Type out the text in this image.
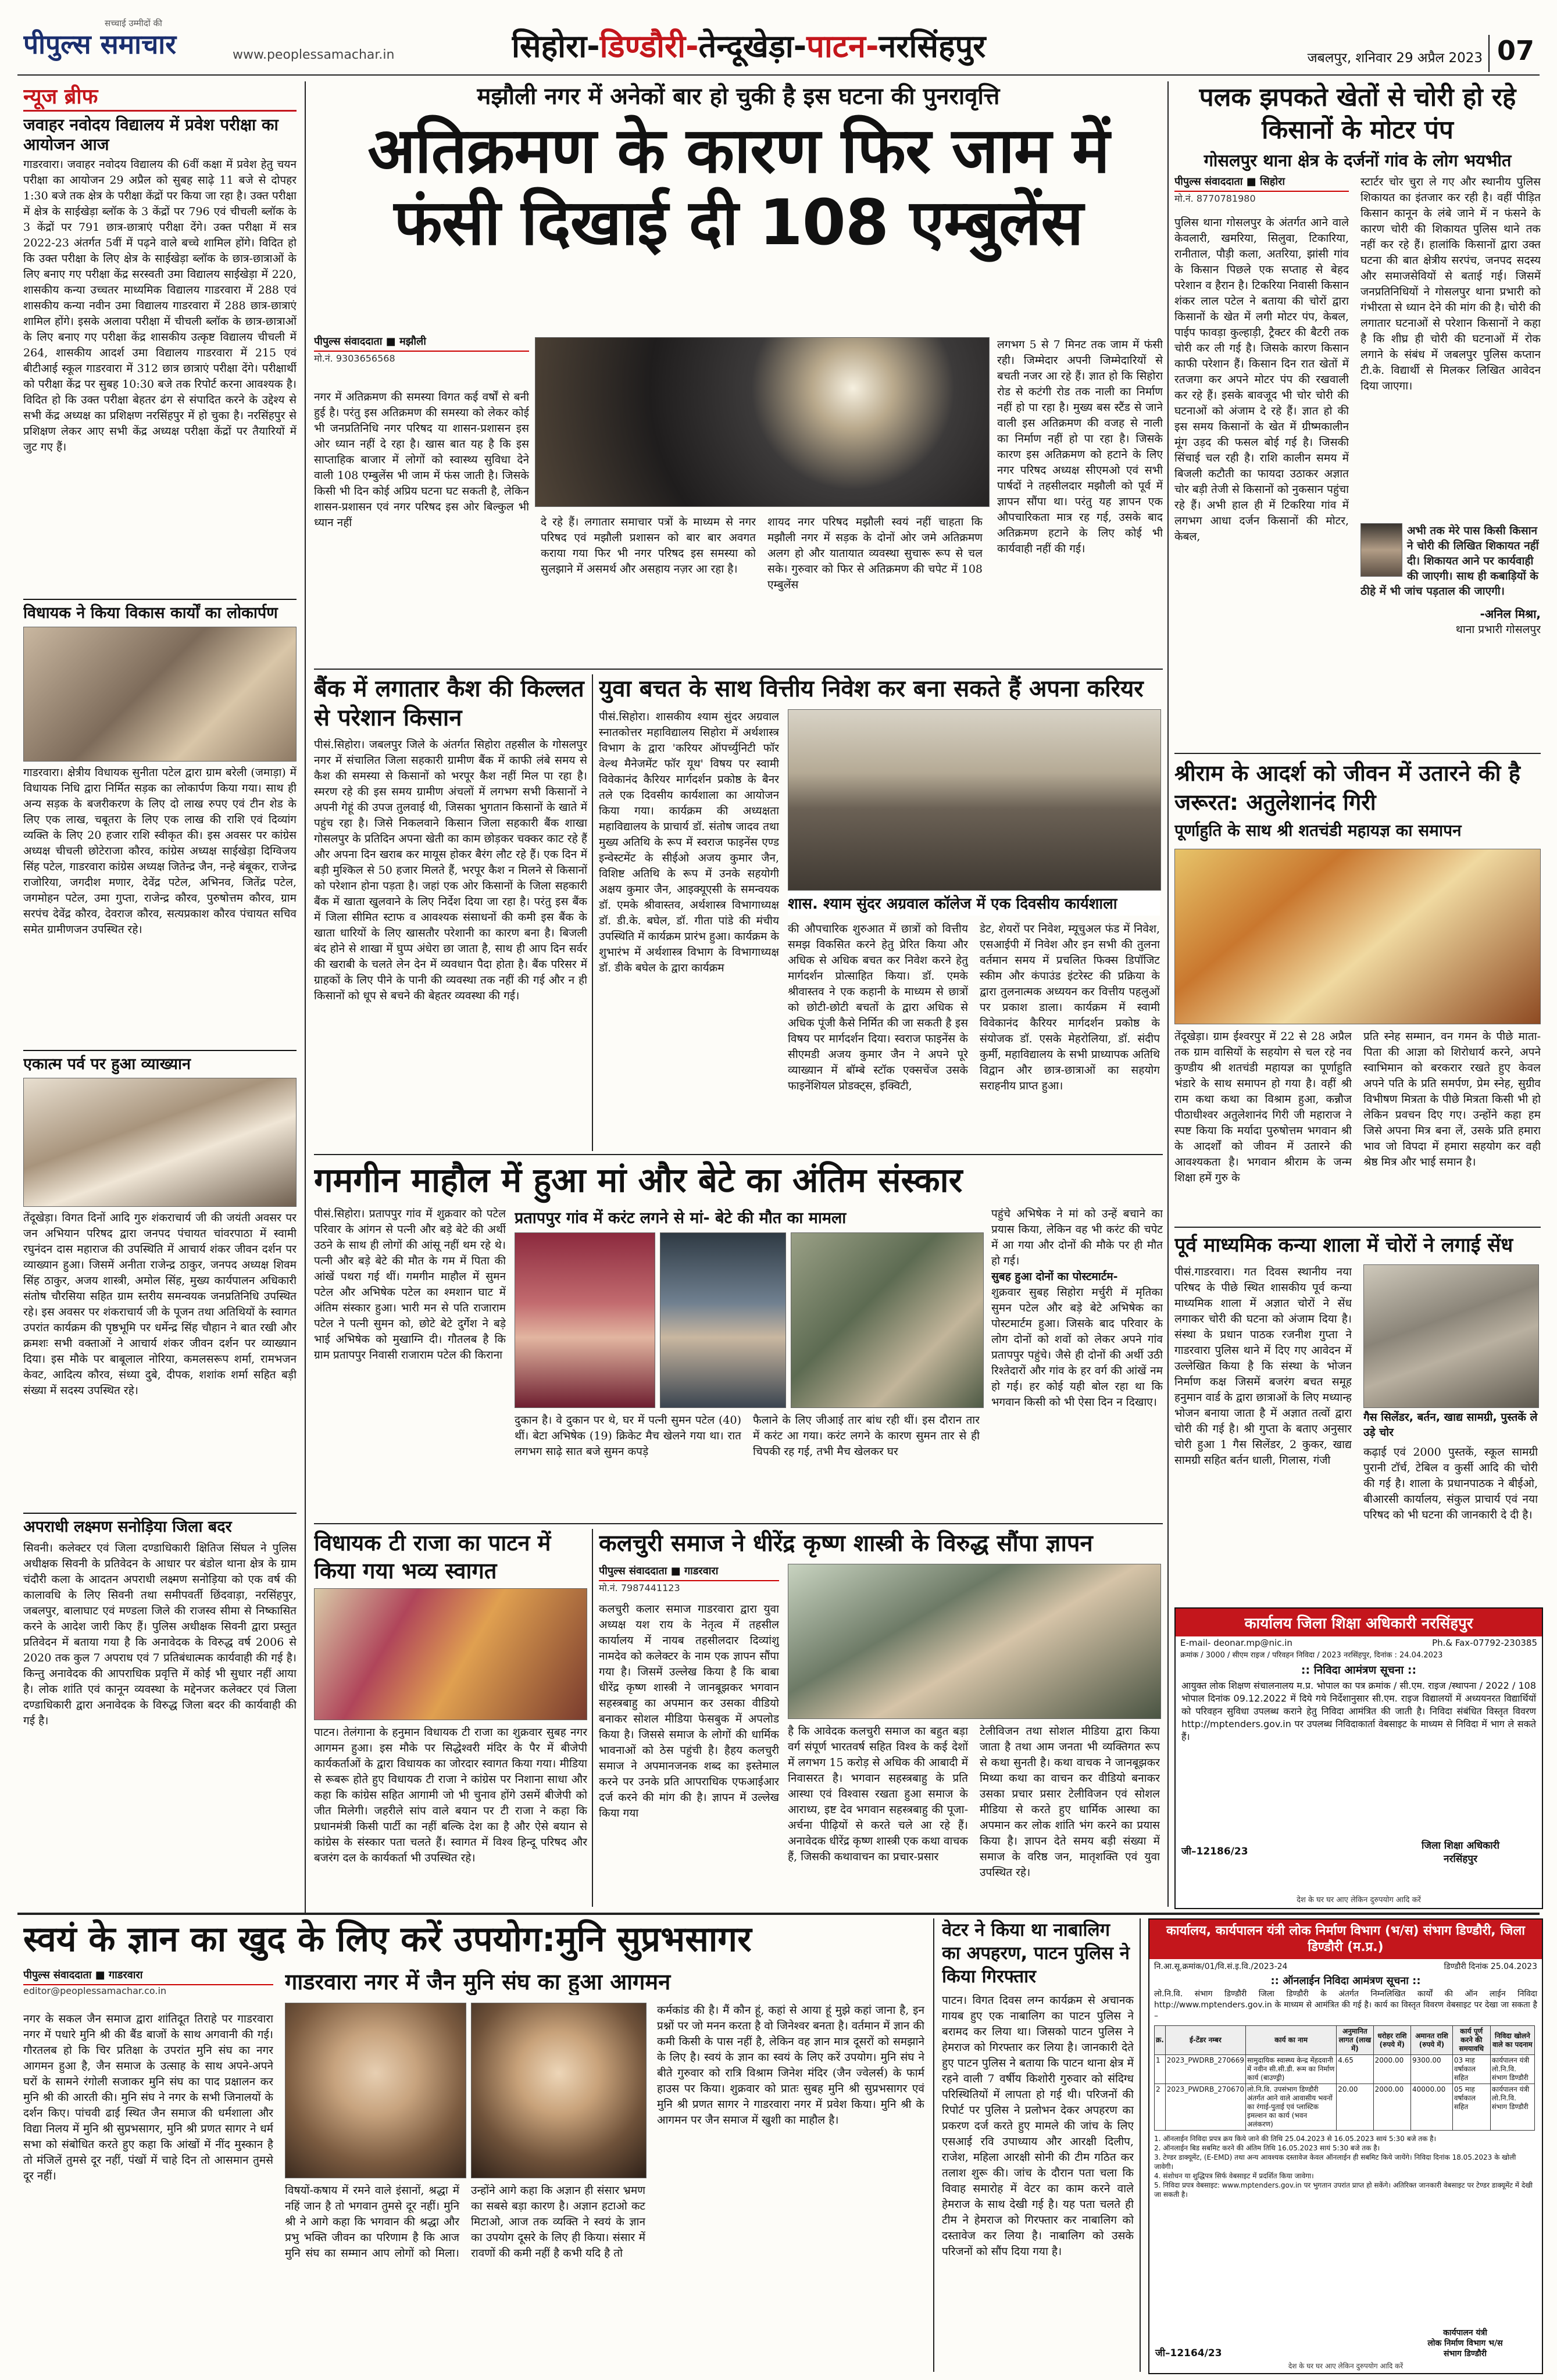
सच्चाई उम्मीदों की
पीपुल्स समाचार	www.peoplessamachar.in	सिहोरा-डिण्डौरी-तेन्दूखेड़ा-पाटन-नरसिंहपुर	जबलपुर, शनिवार 29 अप्रैल 2023 07
न्यूज ब्रीफ
जवाहर नवोदय विद्यालय में प्रवेश परीक्षा का आयोजन आज
गाडरवारा। जवाहर नवोदय विद्यालय की 6वीं कक्षा में प्रवेश हेतु चयन परीक्षा का आयोजन 29 अप्रैल को सुबह साढ़े 11 बजे से दोपहर 1:30 बजे तक क्षेत्र के परीक्षा केंद्रों पर किया जा रहा है। उक्त परीक्षा में क्षेत्र के साईखेड़ा ब्लॉक के 3 केंद्रों पर 796 एवं चीचली ब्लॉक के 3 केंद्रों पर 791 छात्र-छात्राएं परीक्षा देंगे। उक्त परीक्षा में सत्र 2022-23 अंतर्गत 5वीं में पढ़ने वाले बच्चे शामिल होंगे। विदित हो कि उक्त परीक्षा के लिए क्षेत्र के साईखेड़ा ब्लॉक के छात्र-छात्राओं के लिए बनाए गए परीक्षा केंद्र सरस्वती उमा विद्यालय साईखेड़ा में 220, शासकीय कन्या उच्चतर माध्यमिक विद्यालय गाडरवारा में 288 एवं शासकीय कन्या नवीन उमा विद्यालय गाडरवारा में 288 छात्र-छात्राएं शामिल होंगे। इसके अलावा परीक्षा में चीचली ब्लॉक के छात्र-छात्राओं के लिए बनाए गए परीक्षा केंद्र शासकीय उत्कृष्ट विद्यालय चीचली में 264, शासकीय आदर्श उमा विद्यालय गाडरवारा में 215 एवं बीटीआई स्कूल गाडरवारा में 312 छात्र छात्राएं परीक्षा देंगे। परीक्षार्थी को परीक्षा केंद्र पर सुबह 10:30 बजे तक रिपोर्ट करना आवश्यक है। विदित हो कि उक्त परीक्षा बेहतर ढंग से संपादित करने के उद्देश्य से सभी केंद्र अध्यक्ष का प्रशिक्षण नरसिंहपुर में हो चुका है। नरसिंहपुर से प्रशिक्षण लेकर आए सभी केंद्र अध्यक्ष परीक्षा केंद्रों पर तैयारियों में जुट गए हैं।
विधायक ने किया विकास कार्यों का लोकार्पण
गाडरवारा। क्षेत्रीय विधायक सुनीता पटेल द्वारा ग्राम बरेली (जमाड़ा) में विधायक निधि द्वारा निर्मित सड़क का लोकार्पण किया गया। साथ ही अन्य सड़क के बजरीकरण के लिए दो लाख रुपए एवं टीन शेड के लिए एक लाख, चबूतरा के लिए एक लाख की राशि एवं दिव्यांग व्यक्ति के लिए 20 हजार राशि स्वीकृत की। इस अवसर पर कांग्रेस अध्यक्ष चीचली छोटेराजा कौरव, कांग्रेस अध्यक्ष साईखेड़ा दिग्विजय सिंह पटेल, गाडरवारा कांग्रेस अध्यक्ष जितेन्द्र जैन, नन्हे बंबूकर, राजेन्द्र राजोरिया, जगदीश मणार, देवेंद्र पटेल, अभिनव, जितेंद्र पटेल, जगमोहन पटेल, उमा गुप्ता, राजेन्द्र कौरव, पुरुषोत्तम कौरव, ग्राम सरपंच देवेंद्र कौरव, देवराज कौरव, सत्यप्रकाश कौरव पंचायत सचिव समेत ग्रामीणजन उपस्थित रहे।
एकात्म पर्व पर हुआ व्याख्यान
तेंदूखेड़ा। विगत दिनों आदि गुरु शंकराचार्य जी की जयंती अवसर पर जन अभियान परिषद द्वारा जनपद पंचायत चांवरपाठा में स्वामी रघुनंदन दास महाराज की उपस्थिति में आचार्य शंकर जीवन दर्शन पर व्याख्यान हुआ। जिसमें अनीता राजेन्द्र ठाकुर, जनपद अध्यक्ष शिवम सिंह ठाकुर, अजय शास्त्री, अमोल सिंह, मुख्य कार्यपालन अधिकारी संतोष चौरसिया सहित ग्राम स्तरीय समन्वयक जनप्रतिनिधि उपस्थित रहे। इस अवसर पर शंकराचार्य जी के पूजन तथा अतिथियों के स्वागत उपरांत कार्यक्रम की पृष्ठभूमि पर धर्मेन्द्र सिंह चौहान ने बात रखी और क्रमशः सभी वक्ताओं ने आचार्य शंकर जीवन दर्शन पर व्याख्यान दिया। इस मौके पर बाबूलाल नोरिया, कमलसरूप शर्मा, रामभजन केवट, आदित्य कौरव, संध्या दुबे, दीपक, शशांक शर्मा सहित बड़ी संख्या में सदस्य उपस्थित रहे।
अपराधी लक्ष्मण सनोड़िया जिला बदर
सिवनी। कलेक्टर एवं जिला दण्डाधिकारी क्षितिज सिंघल ने पुलिस अधीक्षक सिवनी के प्रतिवेदन के आधार पर बंडोल थाना क्षेत्र के ग्राम चंदौरी कला के आदतन अपराधी लक्ष्मण सनोड़िया को एक वर्ष की कालावधि के लिए सिवनी तथा समीपवर्ती छिंदवाड़ा, नरसिंहपुर, जबलपुर, बालाघाट एवं मण्डला जिले की राजस्व सीमा से निष्कासित करने के आदेश जारी किए हैं। पुलिस अधीक्षक सिवनी द्वारा प्रस्तुत प्रतिवेदन में बताया गया है कि अनावेदक के विरुद्ध वर्ष 2006 से 2020 तक कुल 7 अपराध एवं 7 प्रतिबंधात्मक कार्यवाही की गई है। किन्तु अनावेदक की आपराधिक प्रवृत्ति में कोई भी सुधार नहीं आया है। लोक शांति एवं कानून व्यवस्था के मद्देनजर कलेक्टर एवं जिला दण्डाधिकारी द्वारा अनावेदक के विरुद्ध जिला बदर की कार्यवाही की गई है।
मझौली नगर में अनेकों बार हो चुकी है इस घटना की पुनरावृत्ति
अतिक्रमण के कारण फिर जाम में फंसी दिखाई दी 108 एम्बुलेंस
पीपुल्स संवाददाता ■ मझौली
मो.नं. 9303656568
नगर में अतिक्रमण की समस्या विगत कई वर्षों से बनी हुई है। परंतु इस अतिक्रमण की समस्या को लेकर कोई भी जनप्रतिनिधि नगर परिषद या शासन-प्रशासन इस ओर ध्यान नहीं दे रहा है। खास बात यह है कि इस साप्ताहिक बाजार में लोगों को स्वास्थ्य सुविधा देने वाली 108 एम्बुलेंस भी जाम में फंस जाती है। जिसके किसी भी दिन कोई अप्रिय घटना घट सकती है, लेकिन शासन-प्रशासन एवं नगर परिषद इस ओर बिल्कुल भी ध्यान नहीं	दे रहे हैं। लगातार समाचार पत्रों के माध्यम से नगर परिषद एवं मझौली प्रशासन को बार बार अवगत कराया गया फिर भी नगर परिषद इस समस्या को सुलझाने में असमर्थ और असहाय नज़र आ रहा है।
शायद नगर परिषद मझौली स्वयं नहीं चाहता कि मझौली नगर में सड़क के दोनों ओर जमे अतिक्रमण अलग हो और यातायात व्यवस्था सुचारू रूप से चल सके। गुरुवार को फिर से अतिक्रमण की चपेट में 108 एम्बुलेंस
लगभग 5 से 7 मिनट तक जाम में फंसी रही। जिम्मेदार अपनी जिम्मेदारियों से बचती नजर आ रहे हैं। ज्ञात हो कि सिहोरा रोड से कटंगी रोड तक नाली का निर्माण नहीं हो पा रहा है। मुख्य बस स्टैंड से जाने वाली इस अतिक्रमण की वजह से नाली का निर्माण नहीं हो पा रहा है। जिसके कारण इस अतिक्रमण को हटाने के लिए नगर परिषद अध्यक्ष सीएमओ एवं सभी पार्षदों ने तहसीलदार मझौली को पूर्व में ज्ञापन सौंपा था। परंतु यह ज्ञापन एक औपचारिकता मात्र रह गई, उसके बाद अतिक्रमण हटाने के लिए कोई भी कार्यवाही नहीं की गई।
बैंक में लगातार कैश की किल्लत से परेशान किसान
पीसं.सिहोरा। जबलपुर जिले के अंतर्गत सिहोरा तहसील के गोसलपुर नगर में संचालित जिला सहकारी ग्रामीण बैंक में काफी लंबे समय से कैश की समस्या से किसानों को भरपूर कैश नहीं मिल पा रहा है। स्मरण रहे की इस समय ग्रामीण अंचलों में लगभग सभी किसानों ने अपनी गेहूं की उपज तुलवाई थी, जिसका भुगतान किसानों के खाते में पहुंच रहा है। जिसे निकलवाने किसान जिला सहकारी बैंक शाखा गोसलपुर के प्रतिदिन अपना खेती का काम छोड़कर चक्कर काट रहे हैं और अपना दिन खराब कर मायूस होकर बैरंग लौट रहे हैं। एक दिन में बड़ी मुश्किल से 50 हजार मिलते हैं, भरपूर कैश न मिलने से किसानों को परेशान होना पड़ता है। जहां एक ओर किसानों के जिला सहकारी बैंक में खाता खुलवाने के लिए निर्देश दिया जा रहा है। परंतु इस बैंक में जिला सीमित स्टाफ व आवश्यक संसाधनों की कमी इस बैंक के खाता धारियों के लिए खासतौर परेशानी का कारण बना है। बिजली बंद होने से शाखा में घुप्प अंधेरा छा जाता है, साथ ही आप दिन सर्वर की खराबी के चलते लेन देन में व्यवधान पैदा होता है। बैंक परिसर में ग्राहकों के लिए पीने के पानी की व्यवस्था तक नहीं की गई और न ही किसानों को धूप से बचने की बेहतर व्यवस्था की गई।
युवा बचत के साथ वित्तीय निवेश कर बना सकते हैं अपना करियर
पीसं.सिहोरा। शासकीय श्याम सुंदर अग्रवाल स्नातकोत्तर महाविद्यालय सिहोरा में अर्थशास्त्र विभाग के द्वारा 'करियर ऑपर्च्युनिटी फॉर वेल्थ मैनेजमेंट फॉर यूथ' विषय पर स्वामी विवेकानंद कैरियर मार्गदर्शन प्रकोष्ठ के बैनर तले एक दिवसीय कार्यशाला का आयोजन किया गया। कार्यक्रम की अध्यक्षता महाविद्यालय के प्राचार्य डॉ. संतोष जादव तथा मुख्य अतिथि के रूप में स्वराज फाइनेंस एण्ड इन्वेस्टमेंट के सीईओ अजय कुमार जैन, विशिष्ट अतिथि के रूप में उनके सहयोगी अक्षय कुमार जैन, आइक्यूएसी के समन्वयक डॉ. एमके श्रीवास्तव, अर्थशास्त्र विभागाध्यक्ष डॉ. डी.के. बघेल, डॉ. गीता पांडे की मंचीय उपस्थिति में कार्यक्रम प्रारंभ हुआ। कार्यक्रम के शुभारंभ में अर्थशास्त्र विभाग के विभागाध्यक्ष डॉ. डीके बघेल के द्वारा कार्यक्रम
शास. श्याम सुंदर अग्रवाल कॉलेज में एक दिवसीय कार्यशाला
की औपचारिक शुरुआत में छात्रों को वित्तीय समझ विकसित करने हेतु प्रेरित किया और अधिक से अधिक बचत कर निवेश करने हेतु मार्गदर्शन प्रोत्साहित किया। डॉ. एमके श्रीवास्तव ने एक कहानी के माध्यम से छात्रों को छोटी-छोटी बचतों के द्वारा अधिक से अधिक पूंजी कैसे निर्मित की जा सकती है इस विषय पर मार्गदर्शन दिया। स्वराज फाइनेंस के सीएमडी अजय कुमार जैन ने अपने पूरे व्याख्यान में बॉम्बे स्टॉक एक्सचेंज उसके फाइनेंशियल प्रोडक्ट्स, इक्विटी,
डेट, शेयरों पर निवेश, म्यूचुअल फंड में निवेश, एसआईपी में निवेश और इन सभी की तुलना वर्तमान समय में प्रचलित फिक्स डिपॉजिट स्कीम और कंपाउंड इंटरेस्ट की प्रक्रिया के द्वारा तुलनात्मक अध्ययन कर वित्तीय पहलुओं पर प्रकाश डाला। कार्यक्रम में स्वामी विवेकानंद कैरियर मार्गदर्शन प्रकोष्ठ के संयोजक डॉ. एसके मेहरोलिया, डॉ. संदीप कुर्मी, महाविद्यालय के सभी प्राध्यापक अतिथि विद्वान और छात्र-छात्राओं का सहयोग सराहनीय प्राप्त हुआ।
गमगीन माहौल में हुआ मां और बेटे का अंतिम संस्कार
पीसं.सिहोरा। प्रतापपुर गांव में शुक्रवार को पटेल परिवार के आंगन से पत्नी और बड़े बेटे की अर्थी उठने के साथ ही लोगों की आंसू नहीं थम रहे थे। पत्नी और बड़े बेटे की मौत के गम में पिता की आंखें पथरा गई थीं। गमगीन माहौल में सुमन पटेल और अभिषेक पटेल का श्मशान घाट में अंतिम संस्कार हुआ। भारी मन से पति राजाराम पटेल ने पत्नी सुमन को, छोटे बेटे दुर्गेश ने बड़े भाई अभिषेक को मुखाग्नि दी। गौतलब है कि ग्राम प्रतापपुर निवासी राजाराम पटेल की किराना
प्रतापपुर गांव में करंट लगने से मां- बेटे की मौत का मामला
दुकान है। वे दुकान पर थे, घर में पत्नी सुमन पटेल (40) थीं। बेटा अभिषेक (19) क्रिकेट मैच खेलने गया था। रात लगभग साढ़े सात बजे सुमन कपड़े
फैलाने के लिए जीआई तार बांध रही थीं। इस दौरान तार में करंट आ गया। करंट लगने के कारण सुमन तार से ही चिपकी रह गई, तभी मैच खेलकर घर
पहुंचे अभिषेक ने मां को उन्हें बचाने का प्रयास किया, लेकिन वह भी करंट की चपेट में आ गया और दोनों की मौके पर ही मौत हो गई।
सुबह हुआ दोनों का पोस्टमार्टम-
शुक्रवार सुबह सिहोरा मर्चुरी में मृतिका सुमन पटेल और बड़े बेटे अभिषेक का पोस्टमार्टम हुआ। जिसके बाद परिवार के लोग दोनों को शवों को लेकर अपने गांव प्रतापपुर पहुंचे। जैसे ही दोनों की अर्थी उठी रिश्तेदारों और गांव के हर वर्ग की आंखें नम हो गई। हर कोई यही बोल रहा था कि भगवान किसी को भी ऐसा दिन न दिखाए।
विधायक टी राजा का पाटन में किया गया भव्य स्वागत
पाटन। तेलंगाना के हनुमान विधायक टी राजा का शुक्रवार सुबह नगर आगमन हुआ। इस मौके पर सिद्धेश्वरी मंदिर के पैर में बीजेपी कार्यकर्ताओं के द्वारा विधायक का जोरदार स्वागत किया गया। मीडिया से रूबरू होते हुए विधायक टी राजा ने कांग्रेस पर निशाना साधा और कहा कि कांग्रेस सहित आगामी जो भी चुनाव होंगे उसमें बीजेपी को जीत मिलेगी। जहरीले सांप वाले बयान पर टी राजा ने कहा कि प्रधानमंत्री किसी पार्टी का नहीं बल्कि देश का है और ऐसे बयान से कांग्रेस के संस्कार पता चलते हैं। स्वागत में विश्व हिन्दू परिषद और बजरंग दल के कार्यकर्ता भी उपस्थित रहे।
कलचुरी समाज ने धीरेंद्र कृष्ण शास्त्री के विरुद्ध सौंपा ज्ञापन
पीपुल्स संवाददाता ■ गाडरवारा
मो.नं. 7987441123
कलचुरी कलार समाज गाडरवारा द्वारा युवा अध्यक्ष यश राय के नेतृत्व में तहसील कार्यालय में नायब तहसीलदार दिव्यांशु नामदेव को कलेक्टर के नाम एक ज्ञापन सौंपा गया है। जिसमें उल्लेख किया है कि बाबा धीरेंद्र कृष्ण शास्त्री ने जानबूझकर भगवान सहस्त्रबाहु का अपमान कर उसका वीडियो बनाकर सोशल मीडिया फेसबुक में अपलोड किया है। जिससे समाज के लोगों की धार्मिक भावनाओं को ठेस पहुंची है। हैहय कलचुरी समाज ने अपमानजनक शब्द का इस्तेमाल करने पर उनके प्रति आपराधिक एफआईआर दर्ज करने की मांग की है। ज्ञापन में उल्लेख किया गया
है कि आवेदक कलचुरी समाज का बहुत बड़ा वर्ग संपूर्ण भारतवर्ष सहित विश्व के कई देशों में लगभग 15 करोड़ से अधिक की आबादी में निवासरत है। भगवान सहस्त्रबाहु के प्रति आस्था एवं विश्वास रखता हुआ समाज के आराध्य, इष्ट देव भगवान सहस्त्रबाहु की पूजा-अर्चना पीढ़ियों से करते चले आ रहे हैं। अनावेदक धीरेंद्र कृष्ण शास्त्री एक कथा वाचक हैं, जिसकी कथावाचन का प्रचार-प्रसार
टेलीविजन तथा सोशल मीडिया द्वारा किया जाता है तथा आम जनता भी व्यक्तिगत रूप से कथा सुनती है। कथा वाचक ने जानबूझकर मिथ्या कथा का वाचन कर वीडियो बनाकर उसका प्रचार प्रसार टेलीविजन एवं सोशल मीडिया से करते हुए धार्मिक आस्था का अपमान कर लोक शांति भंग करने का प्रयास किया है। ज्ञापन देते समय बड़ी संख्या में समाज के वरिष्ठ जन, मातृशक्ति एवं युवा उपस्थित रहे।
पलक झपकते खेतों से चोरी हो रहे किसानों के मोटर पंप
गोसलपुर थाना क्षेत्र के दर्जनों गांव के लोग भयभीत
पीपुल्स संवाददाता ■ सिहोरा
मो.नं. 8770781980
पुलिस थाना गोसलपुर के अंतर्गत आने वाले केवलारी, खमरिया, सिलुवा, टिकारिया, रानीताल, पौड़ी कला, अतरिया, झांसी गांव के किसान पिछले एक सप्ताह से बेहद परेशान व हैरान है। टिकरिया निवासी किसान शंकर लाल पटेल ने बताया की चोरों द्वारा किसानों के खेत में लगी मोटर पंप, केबल, पाईप फावड़ा कुल्हाड़ी, ट्रैक्टर की बैटरी तक चोरी कर ली गई है। जिसके कारण किसान काफी परेशान हैं। किसान दिन रात खेतों में रतजगा कर अपने मोटर पंप की रखवाली कर रहे हैं। इसके बावजूद भी चोर चोरी की घटनाओं को अंजाम दे रहे हैं। ज्ञात हो की इस समय किसानों के खेत में ग्रीष्मकालीन मूंग उड़द की फसल बोई गई है। जिसकी सिंचाई चल रही है। राशि कालीन समय में बिजली कटौती का फायदा उठाकर अज्ञात चोर बड़ी तेजी से किसानों को नुकसान पहुंचा रहे हैं। अभी हाल ही में टिकरिया गांव में लगभग आधा दर्जन किसानों की मोटर, केबल,
स्टार्टर चोर चुरा ले गए और स्थानीय पुलिस शिकायत का इंतजार कर रही है। वहीं पीड़ित किसान कानून के लंबे जाने में न फंसने के कारण चोरी की शिकायत पुलिस थाने तक नहीं कर रहे हैं। हालांकि किसानों द्वारा उक्त घटना की बात क्षेत्रीय सरपंच, जनपद सदस्य और समाजसेवियों से बताई गई। जिसमें जनप्रतिनिधियों ने गोसलपुर थाना प्रभारी को गंभीरता से ध्यान देने की मांग की है। चोरी की लगातार घटनाओं से परेशान किसानों ने कहा है कि शीघ्र ही चोरी की घटनाओं में रोक लगाने के संबंध में जबलपुर पुलिस कप्तान टी.के. विद्यार्थी से मिलकर लिखित आवेदन दिया जाएगा।
अभी तक मेरे पास किसी किसान ने चोरी की लिखित शिकायत नहीं दी। शिकायत आने पर कार्यवाही की जाएगी। साथ ही कबाड़ियों के ठीहे में भी जांच पड़ताल की जाएगी।
-अनिल मिश्रा,
थाना प्रभारी गोसलपुर
श्रीराम के आदर्श को जीवन में उतारने की है जरूरत: अतुलेशानंद गिरी
पूर्णाहुति के साथ श्री शतचंडी महायज्ञ का समापन
तेंदूखेड़ा। ग्राम ईश्वरपुर में 22 से 28 अप्रैल तक ग्राम वासियों के सहयोग से चल रहे नव कुण्डीय श्री शतचंडी महायज्ञ का पूर्णाहुति भंडारे के साथ समापन हो गया है। वहीं श्री राम कथा कथा का विश्राम हुआ, कन्नौज पीठाधीश्वर अतुलेशानंद गिरी जी महाराज ने स्पष्ट किया कि मर्यादा पुरुषोत्तम भगवान श्री के आदर्शों को जीवन में उतारने की आवश्यकता है। भगवान श्रीराम के जन्म शिक्षा हमें गुरु के
प्रति स्नेह सम्मान, वन गमन के पीछे माता-पिता की आज्ञा को शिरोधार्य करने, अपने स्वाभिमान को बरकरार रखते हुए केवल अपने पति के प्रति समर्पण, प्रेम स्नेह, सुग्रीव विभीषण मित्रता के पीछे मित्रता किसी भी हो लेकिन प्रवचन दिए गए। उन्होंने कहा हम जिसे अपना मित्र बना लें, उसके प्रति हमारा भाव जो विपदा में हमारा सहयोग कर वही श्रेष्ठ मित्र और भाई समान है।
पूर्व माध्यमिक कन्या शाला में चोरों ने लगाई सेंध
पीसं.गाडरवारा। गत दिवस स्थानीय नया परिषद के पीछे स्थित शासकीय पूर्व कन्या माध्यमिक शाला में अज्ञात चोरों ने सेंध लगाकर चोरी की घटना को अंजाम दिया है। संस्था के प्रधान पाठक रजनीश गुप्ता ने गाडरवारा पुलिस थाने में दिए गए आवेदन में उल्लेखित किया है कि संस्था के भोजन निर्माण कक्ष जिसमें बजरंग बचत समूह हनुमान वार्ड के द्वारा छात्राओं के लिए मध्यान्ह भोजन बनाया जाता है में अज्ञात तत्वों द्वारा चोरी की गई है। श्री गुप्ता के बताए अनुसार चोरी हुआ 1 गैस सिलेंडर, 2 कुकर, खाद्य सामग्री सहित बर्तन धाली, गिलास, गंजी
गैस सिलेंडर, बर्तन, खाद्य सामग्री, पुस्तकें ले उड़े चोर
कढ़ाई एवं 2000 पुस्तकें, स्कूल सामग्री पुरानी टॉर्च, टेबिल व कुर्सी आदि की चोरी की गई है। शाला के प्रधानपाठक ने बीईओ, बीआरसी कार्यालय, संकुल प्राचार्य एवं नया परिषद को भी घटना की जानकारी दे दी है।
कार्यालय जिला शिक्षा अधिकारी नरसिंहपुर
E-mail- deonar.mp@nic.in	Ph.& Fax-07792-230385
क्रमांक / 3000 / सीएम राइज / परिवहन निविदा / 2023 नरसिंहपुर, दिनांक : 24.04.2023
:: निविदा आमंत्रण सूचना ::
आयुक्त लोक शिक्षण संचालनालय म.प्र. भोपाल का पत्र क्रमांक / सी.एम. राइज /स्थापना / 2022 / 108 भोपाल दिनांक 09.12.2022 में दिये गये निर्देशानुसार सी.एम. राइज विद्यालयों में अध्ययनरत विद्यार्थियों को परिवहन सुविधा उपलब्ध कराने हेतु निविदा आमंत्रित की जाती है। निविदा संबंधित विस्तृत विवरण http://mptenders.gov.in पर उपलब्ध निविदाकार्ता वेबसाइट के माध्यम से निविदा में भाग ले सकते हैं।
जी–12186/23	जिला शिक्षा अधिकारी
नरसिंहपुर
देश के घर घर आए लेकिन दुरुपयोग आदि करें
स्वयं के ज्ञान का खुद के लिए करें उपयोग:मुनि सुप्रभसागर
पीपुल्स संवाददाता ■ गाडरवारा
editor@peoplessamachar.co.in	गाडरवारा नगर में जैन मुनि संघ का हुआ आगमन
नगर के सकल जैन समाज द्वारा शांतिदूत तिराहे पर गाडरवारा नगर में पधारे मुनि श्री की बैंड बाजों के साथ अगवानी की गई। गौरतलब हो कि चिर प्रतिक्षा के उपरांत मुनि संघ का नगर आगमन हुआ है, जैन समाज के उत्साह के साथ अपने-अपने घरों के सामने रंगोली सजाकर मुनि संघ का पाद प्रक्षालन कर मुनि श्री की आरती की। मुनि संघ ने नगर के सभी जिनालयों के दर्शन किए। पांचवी ढाई स्थित जैन समाज की धर्मशाला और विद्या निलय में मुनि श्री सुप्रभसागर, मुनि श्री प्रणत सागर ने धर्म सभा को संबोधित करते हुए कहा कि आंखों में नींद मुस्कान है तो मंजिलें तुमसे दूर नहीं, पंखों में चाहे दिन तो आसमान तुमसे दूर नहीं।
विषयों-कषाय में रमने वाले इंसानों, श्रद्धा में नहिं जान है तो भगवान तुमसे दूर नहीं। मुनि श्री ने आगे कहा कि भगवान की श्रद्धा और प्रभु भक्ति जीवन का परिणाम है कि आज मुनि संघ का सम्मान आप लोगों को मिला। उन्होंने आगे कहा कि अज्ञान ही संसार भ्रमण का सबसे बड़ा कारण है। अज्ञान हटाओ कट मिटाओ, आज तक व्यक्ति ने स्वयं के ज्ञान का उपयोग दूसरे के लिए ही किया। संसार में रावणों की कमी नहीं है कभी यदि है तो
कर्मकांड की है। मैं कौन हूं, कहां से आया हूं मुझे कहां जाना है, इन प्रश्नों पर जो मनन करता है वो जिनेश्वर बनता है। वर्तमान में ज्ञान की कमी किसी के पास नहीं है, लेकिन वह ज्ञान मात्र दूसरों को समझाने के लिए है। स्वयं के ज्ञान का स्वयं के लिए करें उपयोग। मुनि संघ ने बीते गुरुवार को रात्रि विश्राम जिनेश मंदिर (जैन ज्वेलर्स) के फार्म हाउस पर किया। शुक्रवार को प्रातः सुबह मुनि श्री सुप्रभसागर एवं मुनि श्री प्रणत सागर ने गाडरवारा नगर में प्रवेश किया। मुनि श्री के आगमन पर जैन समाज में खुशी का माहौल है।
वेटर ने किया था नाबालिग का अपहरण, पाटन पुलिस ने किया गिरफ्तार
पाटन। विगत दिवस लग्न कार्यक्रम से अचानक गायब हुए एक नाबालिग का पाटन पुलिस ने बरामद कर लिया था। जिसको पाटन पुलिस ने हेमराज को गिरफ्तार कर लिया है। जानकारी देते हुए पाटन पुलिस ने बताया कि पाटन थाना क्षेत्र में रहने वाली 7 वर्षीय किशोरी गुरुवार को संदिग्ध परिस्थितियों में लापता हो गई थी। परिजनों की रिपोर्ट पर पुलिस ने प्रलोभन देकर अपहरण का प्रकरण दर्ज करते हुए मामले की जांच के लिए एसआई रवि उपाध्याय और आरक्षी दिलीप, राजेश, महिला आरक्षी सोनी की टीम गठित कर तलाश शुरू की। जांच के दौरान पता चला कि विवाह समारोह में वेटर का काम करने वाले हेमराज के साथ देखी गई है। यह पता चलते ही टीम ने हेमराज को गिरफ्तार कर नाबालिग को दस्तावेज कर लिया है। नाबालिग को उसके परिजनों को सौंप दिया गया है।
कार्यालय, कार्यपालन यंत्री लोक निर्माण विभाग (भ/स) संभाग डिण्डौरी, जिला डिण्डौरी (म.प्र.)
नि.आ.सू.क्रमांक/01/वि.सं.इ.वि./2023-24	डिण्डौरी दिनांक 25.04.2023
:: ऑनलाईन निविदा आमंत्रण सूचना ::
लो.नि.वि. संभाग डिण्डौरी जिला डिण्डौरी के अंतर्गत निम्नलिखित कार्यों की ऑन लाईन निविदा http://www.mptenders.gov.in के माध्यम से आमंत्रित की गई है। कार्य का विस्तृत विवरण वेबसाइट पर देखा जा सकता है –
क्र.	ई-टेंडर नम्बर	कार्य का नाम	अनुमानित लागत (लाख में)	धरोहर राशि (रुपये में)	अमानत राशि (रुपये में)	कार्य पूर्ण करने की समयावधि	निविदा खोलने वाले का पदनाम
1	2023_PWDRB_270669	सामुदायिक स्वास्थ्य केन्द्र मेंहदवानी में नवीन सी.सी.डी. रूम का निर्माण कार्य (बाउण्ड्री)	4.65	2000.00	9300.00	03 माह वर्षाकाल सहित	कार्यपालन यंत्री लो.नि.वि. संभाग डिण्डौरी
2	2023_PWDRB_270670	लो.नि.वि. उपसंभाग डिण्डौरी अंतर्गत आने वाले आवासीय भवनों का रंगाई-पुताई एवं प्लास्टिक इमल्शन का कार्य (भवन अलंकरण)	20.00	2000.00	40000.00	05 माह वर्षाकाल सहित	कार्यपालन यंत्री लो.नि.वि. संभाग डिण्डौरी
1. ऑनलाईन निविदा प्रपत्र क्रय किये जाने की तिथि 25.04.2023 से 16.05.2023 सायं 5:30 बजे तक है।
2. ऑनलाईन बिड सबमिट करने की अंतिम तिथि 16.05.2023 सायं 5:30 बजे तक है।
3. टेण्डर डाक्यूमेंट, (E-EMD) तथा अन्य आवश्यक दस्तावेज केवल ऑनलाईन ही सबमिट किये जायेंगे। निविदा दिनांक 18.05.2023 के खोली जावेगी।
4. संशोधन या शुद्धिपत्र सिर्फ वेबसाइट में प्रदर्शित किया जावेगा।
5. निविदा प्रपत्र वेबसाइट: www.mptenders.gov.in पर भुगतान उपरांत प्राप्त हो सकेंगे। अतिरिक्त जानकारी वेबसाइट पर टेण्डर डाक्यूमेंट में देखी जा सकती है।
जी–12164/23
कार्यपालन यंत्री
लोक निर्माण विभाग भ/स
संभाग डिण्डौरी
देश के घर घर आए लेकिन दुरुपयोग आदि करें
